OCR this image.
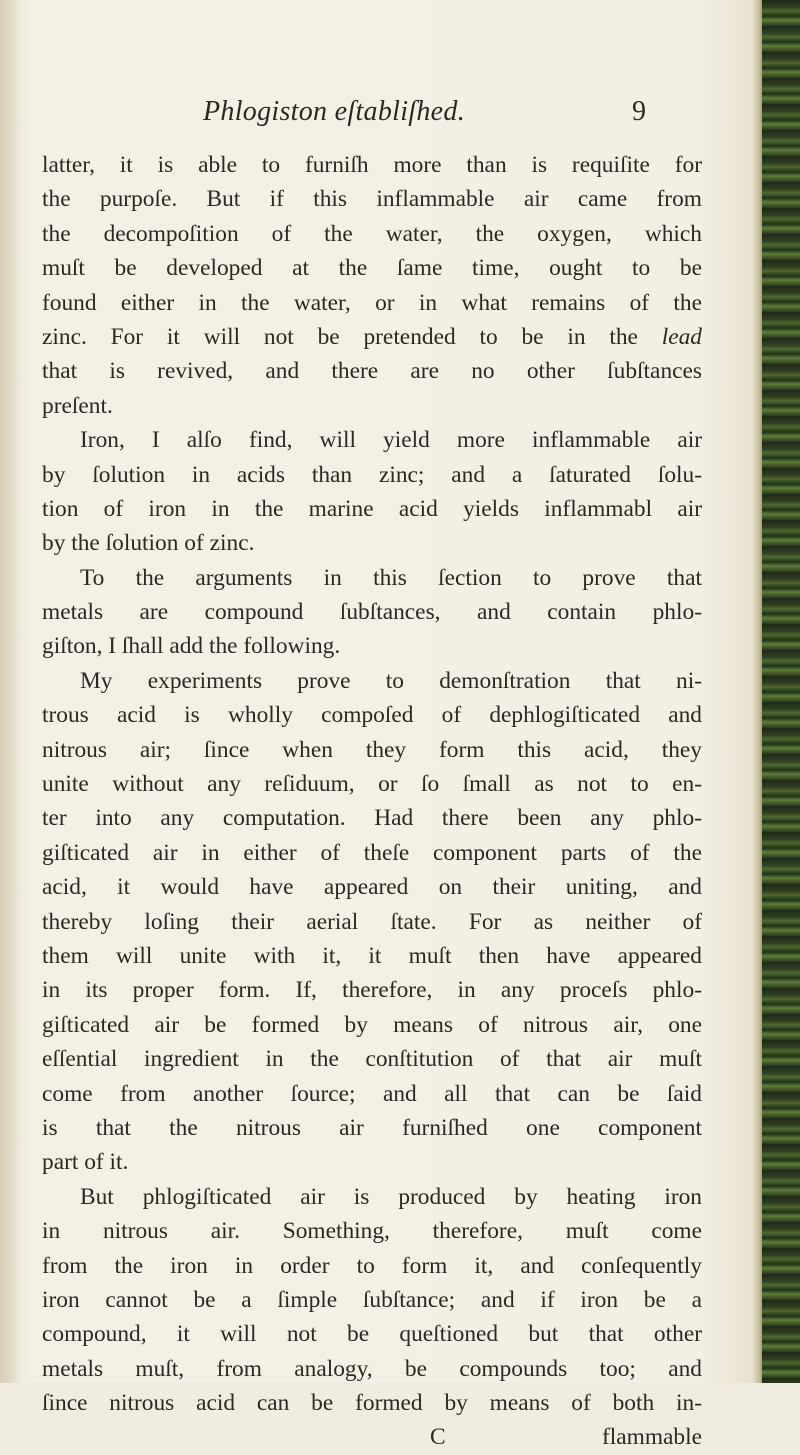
Phlogiston eſtabliſhed.	9
latter, it is able to furniſh more than is requiſite for
the purpoſe. But if this inflammable air came from
the decompoſition of the water, the oxygen, which
muſt be developed at the ſame time, ought to be
found either in the water, or in what remains of the
zinc. For it will not be pretended to be in the lead
that is revived, and there are no other ſubſtances
preſent.
Iron, I alſo find, will yield more inflammable air
by ſolution in acids than zinc; and a ſaturated ſolu-
tion of iron in the marine acid yields inflammabl air
by the ſolution of zinc.
To the arguments in this ſection to prove that
metals are compound ſubſtances, and contain phlo-
giſton, I ſhall add the following.
My experiments prove to demonſtration that ni-
trous acid is wholly compoſed of dephlogiſticated and
nitrous air; ſince when they form this acid, they
unite without any reſiduum, or ſo ſmall as not to en-
ter into any computation. Had there been any phlo-
giſticated air in either of theſe component parts of the
acid, it would have appeared on their uniting, and
thereby loſing their aerial ſtate. For as neither of
them will unite with it, it muſt then have appeared
in its proper form. If, therefore, in any proceſs phlo-
giſticated air be formed by means of nitrous air, one
eſſential ingredient in the conſtitution of that air muſt
come from another ſource; and all that can be ſaid
is that the nitrous air furniſhed one component
part of it.
But phlogiſticated air is produced by heating iron
in nitrous air. Something, therefore, muſt come
from the iron in order to form it, and conſequently
iron cannot be a ſimple ſubſtance; and if iron be a
compound, it will not be queſtioned but that other
metals muſt, from analogy, be compounds too; and
ſince nitrous acid can be formed by means of both in-
C	flammable
